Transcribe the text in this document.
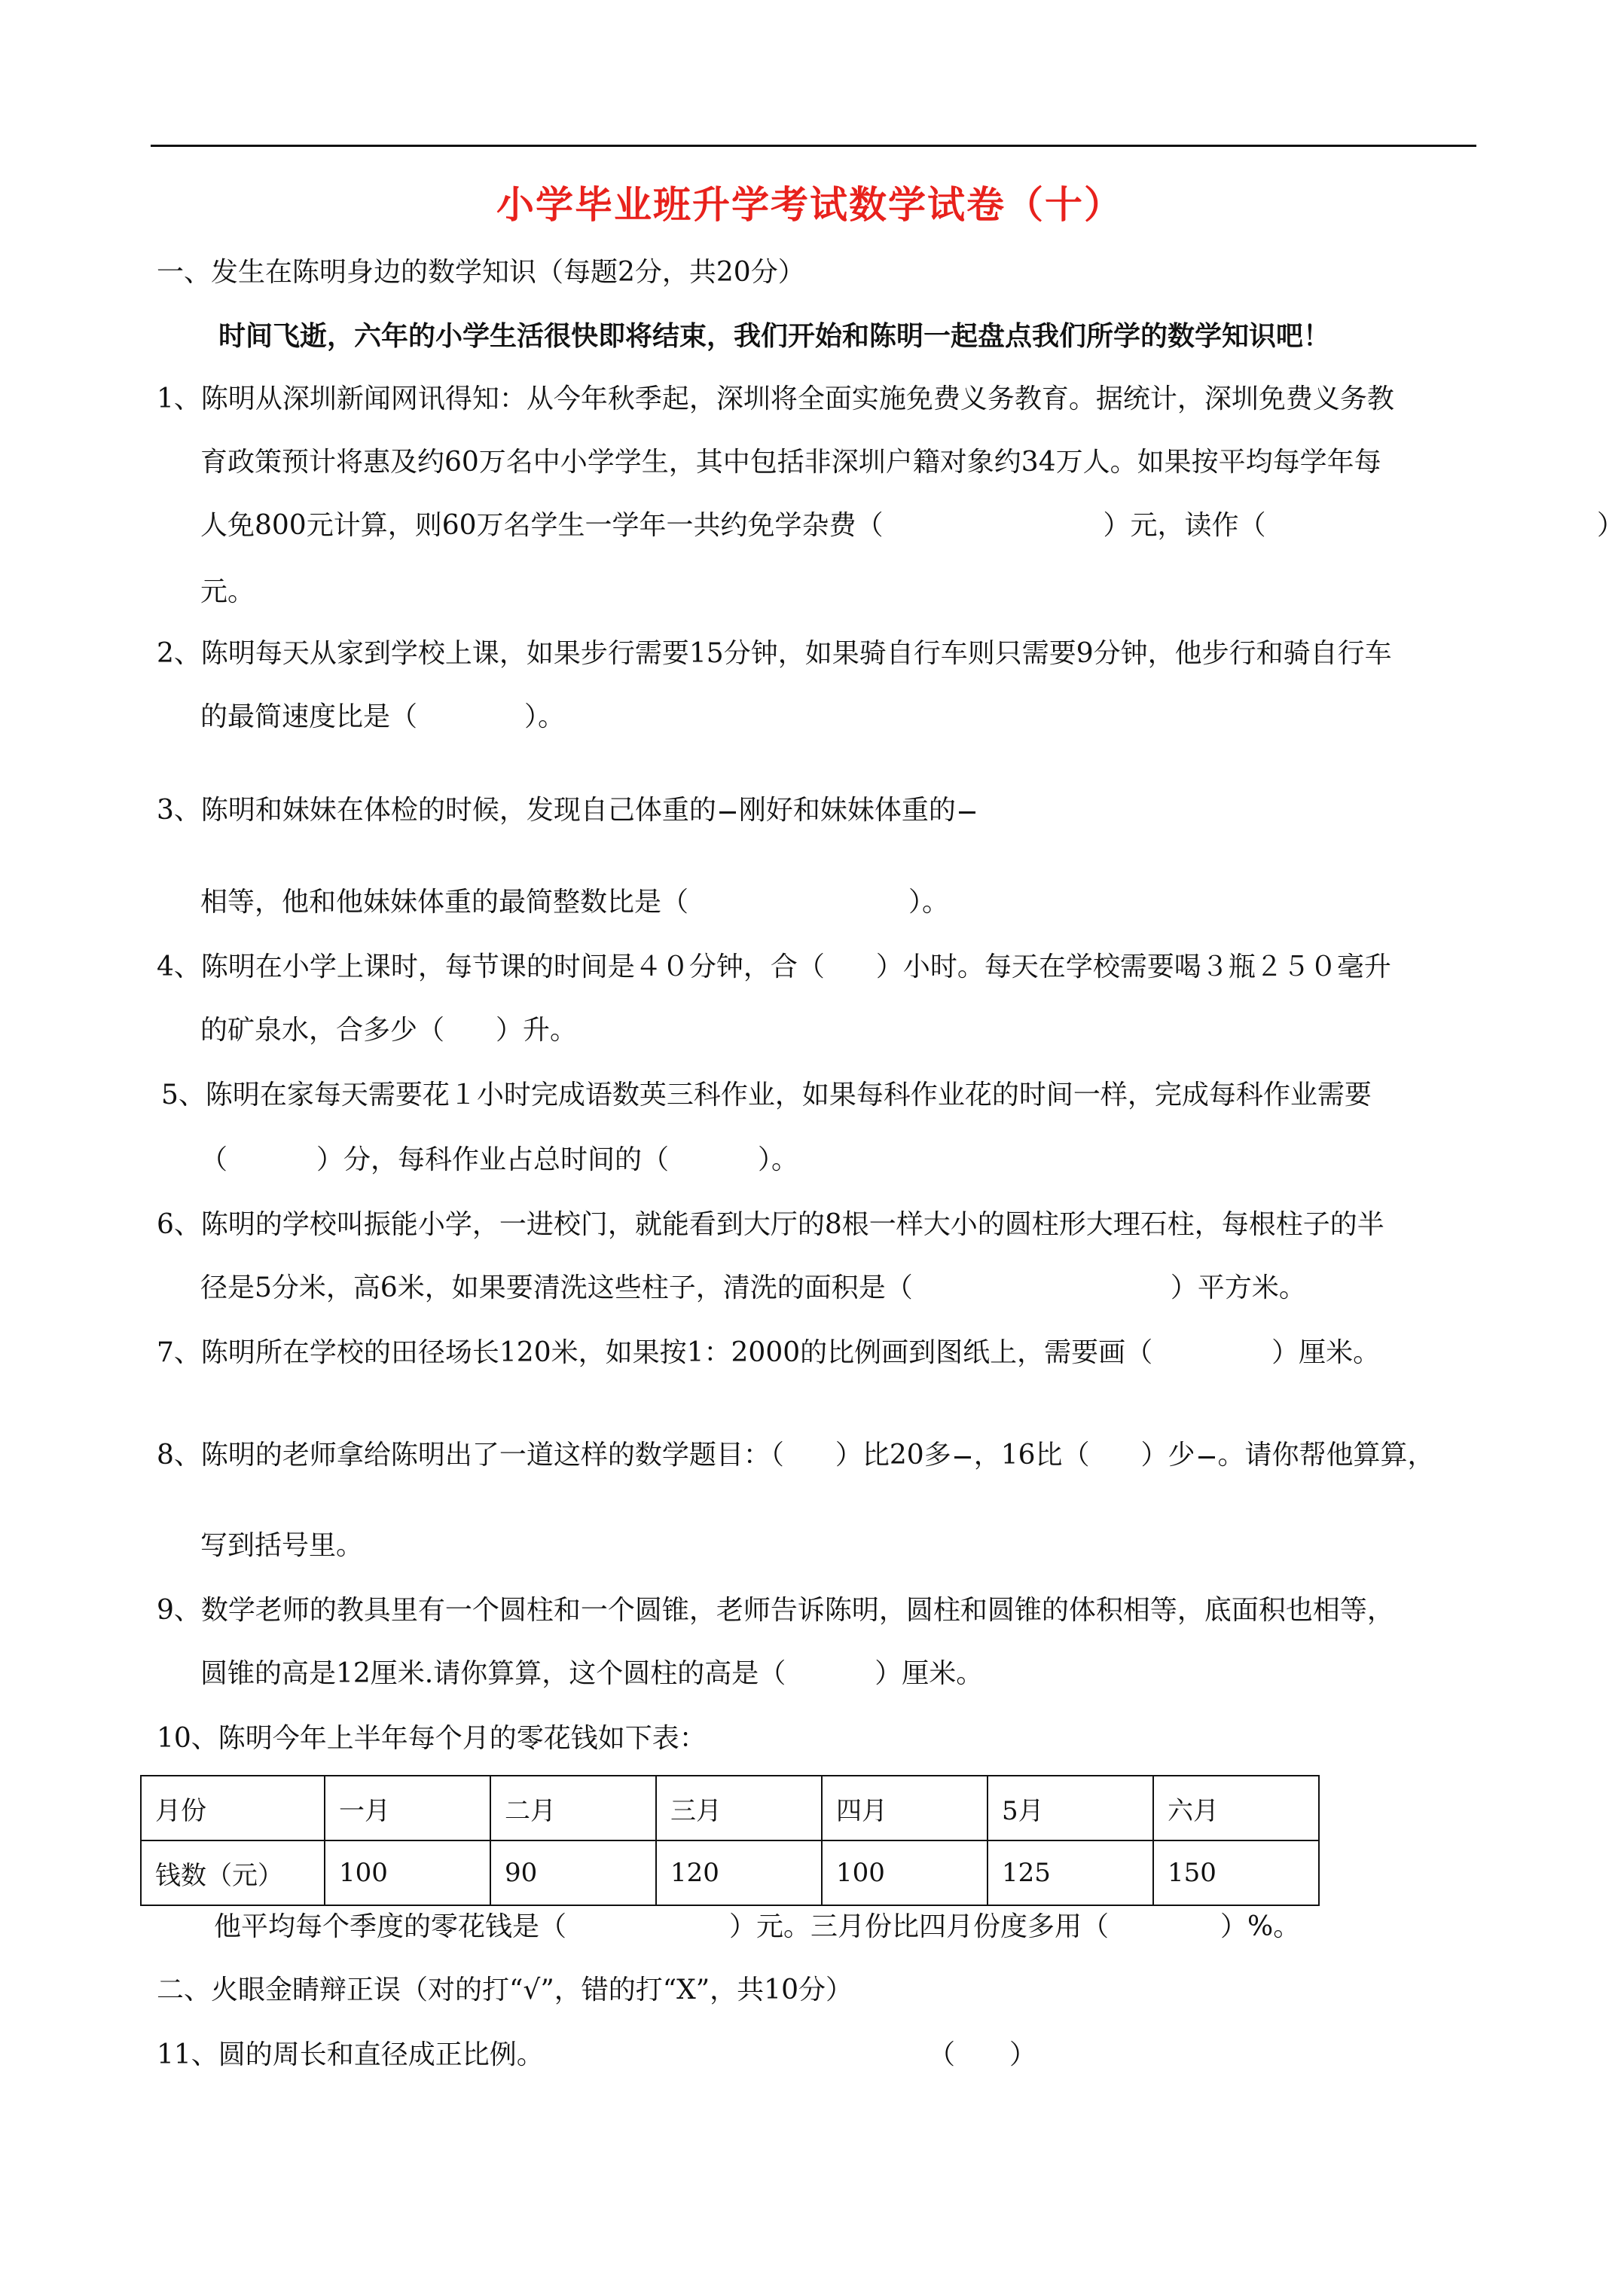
小学毕业班升学考试数学试卷（十）
一、发生在陈明身边的数学知识（每题2分，共20分）
时间飞逝，六年的小学生活很快即将结束，我们开始和陈明一起盘点我们所学的数学知识吧！
1、陈明从深圳新闻网讯得知：从今年秋季起，深圳将全面实施免费义务教育。据统计，深圳免费义务教
育政策预计将惠及约60万名中小学学生，其中包括非深圳户籍对象约34万人。如果按平均每学年每
人免800元计算，则60万名学生一学年一共约免学杂费（	）元，读作（	）
元。
2、陈明每天从家到学校上课，如果步行需要15分钟，如果骑自行车则只需要9分钟，他步行和骑自行车
的最简速度比是（	）。
3、陈明和妹妹在体检的时候，发现自己体重的 刚好和妹妹体重的
相等，他和他妹妹体重的最简整数比是（	）。
4、陈明在小学上课时，每节课的时间是４０分钟，合（ ）小时。每天在学校需要喝３瓶２５０毫升
的矿泉水，合多少（ ）升。
5、陈明在家每天需要花１小时完成语数英三科作业，如果每科作业花的时间一样，完成每科作业需要
（	）分，每科作业占总时间的（	）。
6、陈明的学校叫振能小学，一进校门，就能看到大厅的8根一样大小的圆柱形大理石柱，每根柱子的半
径是5分米，高6米，如果要清洗这些柱子，清洗的面积是（	）平方米。
7、陈明所在学校的田径场长120米，如果按1：2000的比例画到图纸上，需要画（	）厘米。
8、陈明的老师拿给陈明出了一道这样的数学题目：（ ）比20多 ，16比（ ）少 。请你帮他算算，
写到括号里。
9、数学老师的教具里有一个圆柱和一个圆锥，老师告诉陈明，圆柱和圆锥的体积相等，底面积也相等，
圆锥的高是12厘米.请你算算，这个圆柱的高是（	）厘米。
10、陈明今年上半年每个月的零花钱如下表：
月份	一月	二月	三月	四月	5月	六月
钱数（元）	100	90	120	100	125	150
他平均每个季度的零花钱是（	）元。三月份比四月份度多用（	）%。
二、火眼金睛辩正误（对的打“√”，错的打“X”，共10分）
11、圆的周长和直径成正比例。	（　　）
